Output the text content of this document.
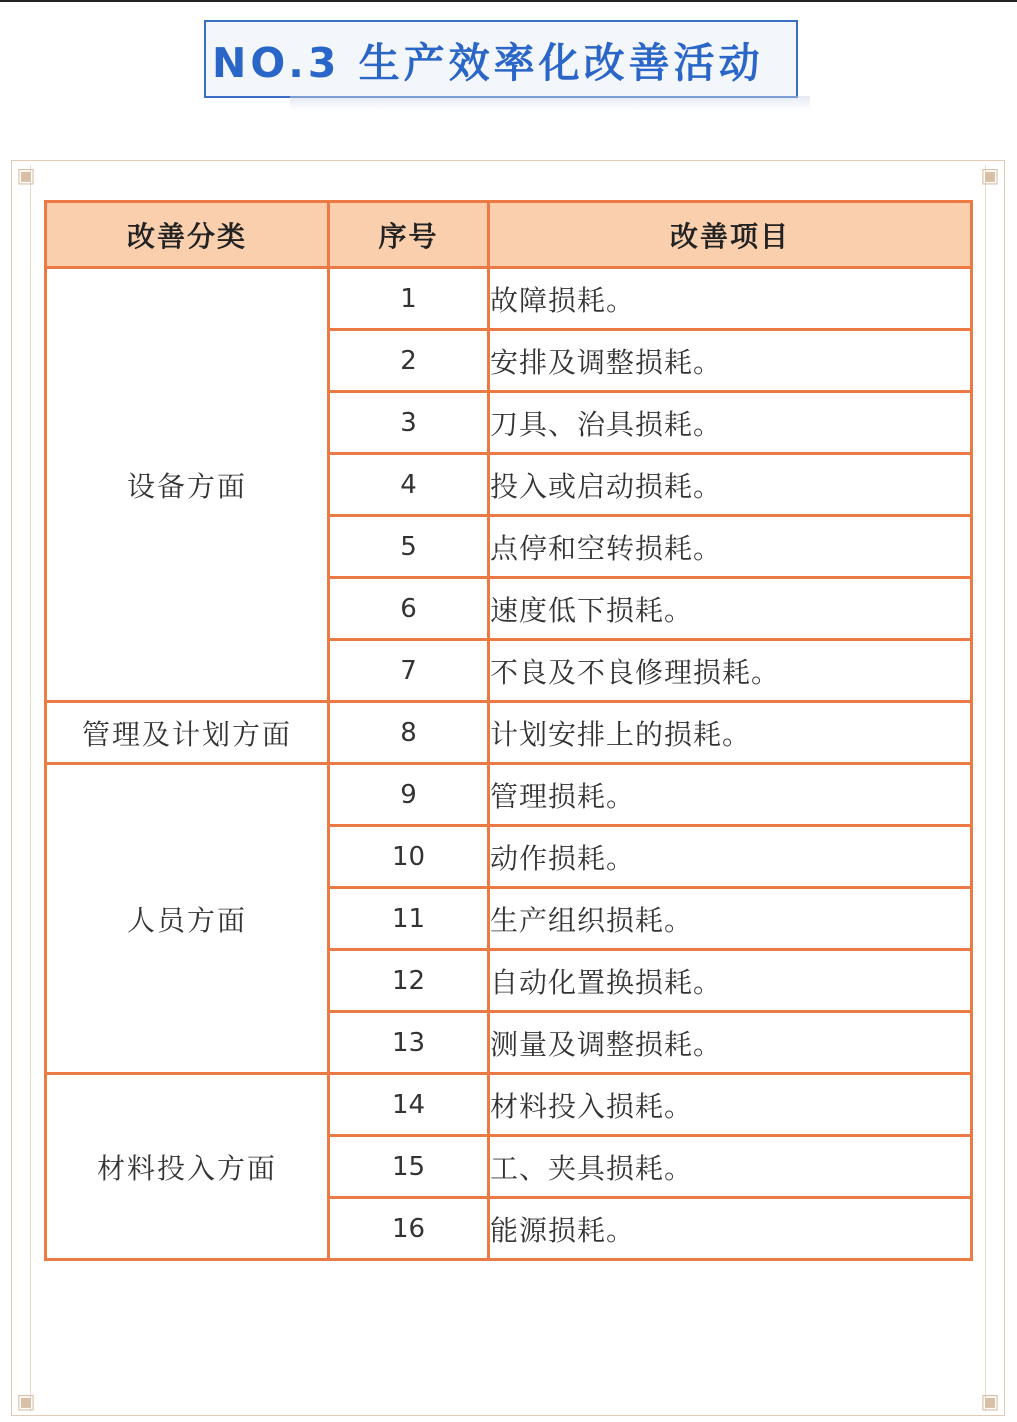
NO.3 生产效率化改善活动
▣	▣
▣	▣
改善分类	序号	改善项目
设备方面	1	故障损耗。
	2	安排及调整损耗。
	3	刀具、治具损耗。
	4	投入或启动损耗。
	5	点停和空转损耗。
	6	速度低下损耗。
	7	不良及不良修理损耗。
管理及计划方面	8	计划安排上的损耗。
人员方面	9	管理损耗。
	10	动作损耗。
	11	生产组织损耗。
	12	自动化置换损耗。
	13	测量及调整损耗。
材料投入方面	14	材料投入损耗。
	15	工、夹具损耗。
	16	能源损耗。
